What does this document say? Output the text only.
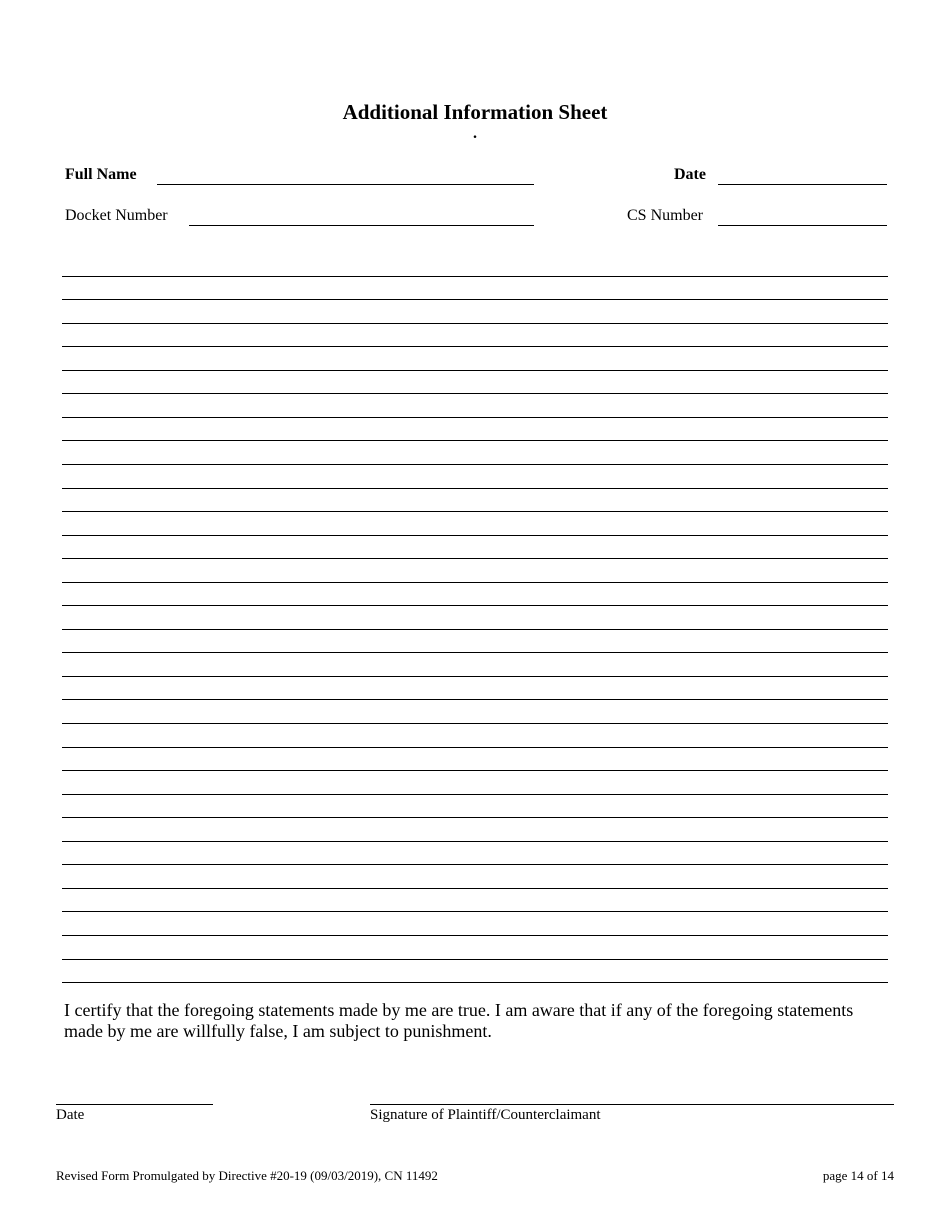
Additional Information Sheet
.
Full Name	Date
Docket Number	CS Number
I certify that the foregoing statements made by me are true. I am aware that if any of the foregoing statements made by me are willfully false, I am subject to punishment.
Date	Signature of Plaintiff/Counterclaimant
Revised Form Promulgated by Directive #20-19 (09/03/2019), CN 11492	page 14 of 14
